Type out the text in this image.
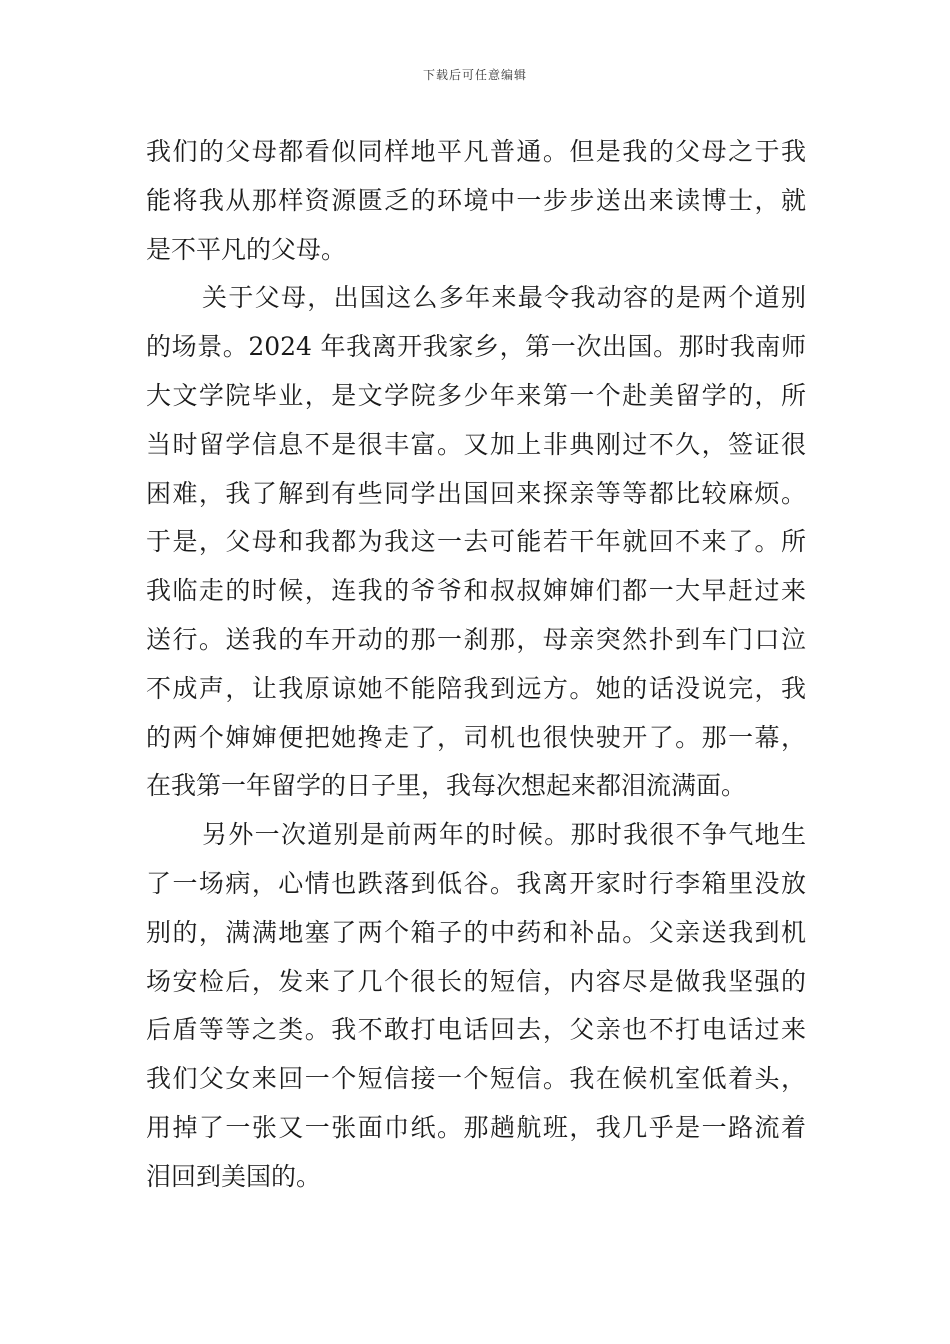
下载后可任意编辑
我们的父母都看似同样地平凡普通。但是我的父母之于我
能将我从那样资源匮乏的环境中一步步送出来读博士，就
是不平凡的父母。
关于父母，出国这么多年来最令我动容的是两个道别
的场景。2024 年我离开我家乡，第一次出国。那时我南师
大文学院毕业，是文学院多少年来第一个赴美留学的，所
当时留学信息不是很丰富。又加上非典刚过不久，签证很
困难，我了解到有些同学出国回来探亲等等都比较麻烦。
于是，父母和我都为我这一去可能若干年就回不来了。所
我临走的时候，连我的爷爷和叔叔婶婶们都一大早赶过来
送行。送我的车开动的那一刹那，母亲突然扑到车门口泣
不成声，让我原谅她不能陪我到远方。她的话没说完，我
的两个婶婶便把她搀走了，司机也很快驶开了。那一幕，
在我第一年留学的日子里，我每次想起来都泪流满面。
另外一次道别是前两年的时候。那时我很不争气地生
了一场病，心情也跌落到低谷。我离开家时行李箱里没放
别的，满满地塞了两个箱子的中药和补品。父亲送我到机
场安检后，发来了几个很长的短信，内容尽是做我坚强的
后盾等等之类。我不敢打电话回去，父亲也不打电话过来
我们父女来回一个短信接一个短信。我在候机室低着头，
用掉了一张又一张面巾纸。那趟航班，我几乎是一路流着
泪回到美国的。
